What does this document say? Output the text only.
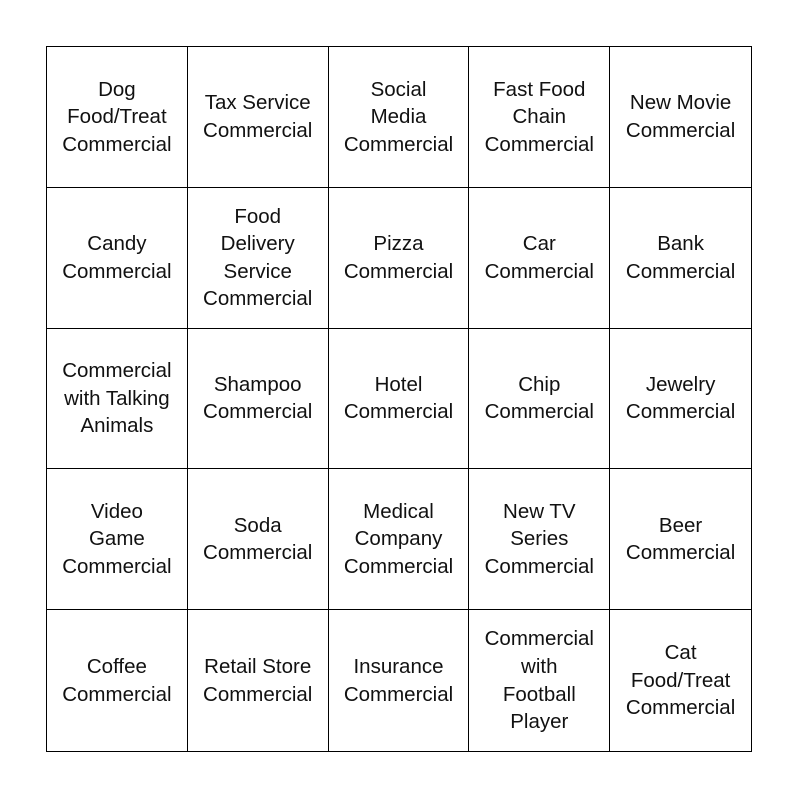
Dog
Food/Treat
Commercial
Tax Service
Commercial
Social
Media
Commercial
Fast Food
Chain
Commercial
New Movie
Commercial
Candy
Commercial
Food
Delivery
Service
Commercial
Pizza
Commercial
Car
Commercial
Bank
Commercial
Commercial
with Talking
Animals
Shampoo
Commercial
Hotel
Commercial
Chip
Commercial
Jewelry
Commercial
Video
Game
Commercial
Soda
Commercial
Medical
Company
Commercial
New TV
Series
Commercial
Beer
Commercial
Coffee
Commercial
Retail Store
Commercial
Insurance
Commercial
Commercial
with
Football
Player
Cat
Food/Treat
Commercial
